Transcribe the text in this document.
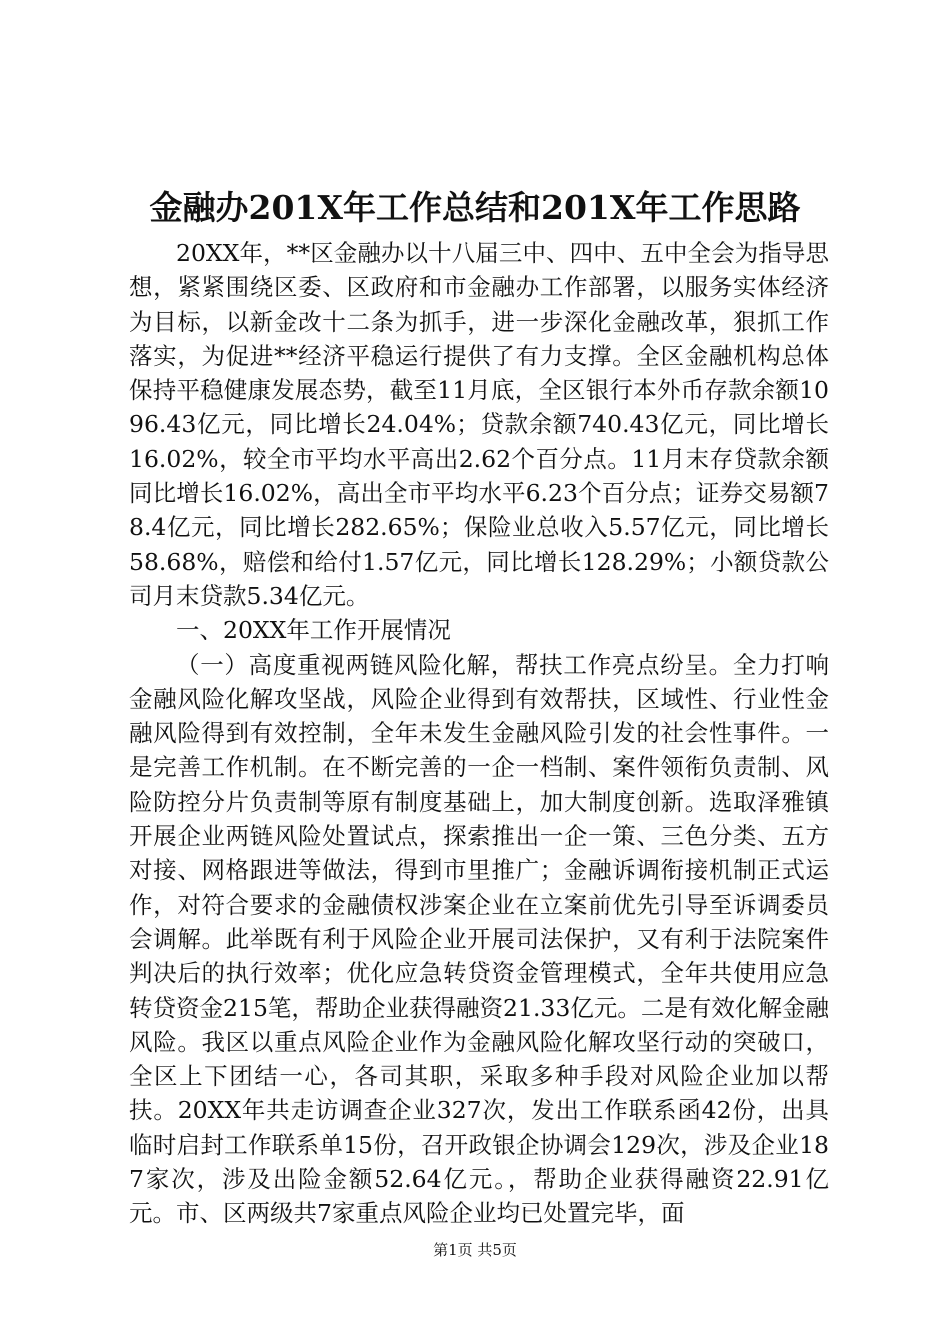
金融办201X年工作总结和201X年工作思路

20XX年，**区金融办以十八届三中、四中、五中全会为指导思想，紧紧围绕区委、区政府和市金融办工作部署，以服务实体经济为目标，以新金改十二条为抓手，进一步深化金融改革，狠抓工作落实，为促进**经济平稳运行提供了有力支撑。全区金融机构总体保持平稳健康发展态势，截至11月底，全区银行本外币存款余额1096.43亿元，同比增长24.04%；贷款余额740.43亿元，同比增长16.02%，较全市平均水平高出2.62个百分点。11月末存贷款余额同比增长16.02%，高出全市平均水平6.23个百分点；证券交易额78.4亿元，同比增长282.65%；保险业总收入5.57亿元，同比增长58.68%，赔偿和给付1.57亿元，同比增长128.29%；小额贷款公司月末贷款5.34亿元。

一、20XX年工作开展情况

（一）高度重视两链风险化解，帮扶工作亮点纷呈。全力打响金融风险化解攻坚战，风险企业得到有效帮扶，区域性、行业性金融风险得到有效控制，全年未发生金融风险引发的社会性事件。一是完善工作机制。在不断完善的一企一档制、案件领衔负责制、风险防控分片负责制等原有制度基础上，加大制度创新。选取泽雅镇开展企业两链风险处置试点，探索推出一企一策、三色分类、五方对接、网格跟进等做法，得到市里推广；金融诉调衔接机制正式运作，对符合要求的金融债权涉案企业在立案前优先引导至诉调委员会调解。此举既有利于风险企业开展司法保护，又有利于法院案件判决后的执行效率；优化应急转贷资金管理模式，全年共使用应急转贷资金215笔，帮助企业获得融资21.33亿元。二是有效化解金融风险。我区以重点风险企业作为金融风险化解攻坚行动的突破口，全区上下团结一心，各司其职，采取多种手段对风险企业加以帮扶。20XX年共走访调查企业327次，发出工作联系函42份，出具临时启封工作联系单15份，召开政银企协调会129次，涉及企业187家次，涉及出险金额52.64亿元。，帮助企业获得融资22.91亿元。市、区两级共7家重点风险企业均已处置完毕，面

第1页 共5页
